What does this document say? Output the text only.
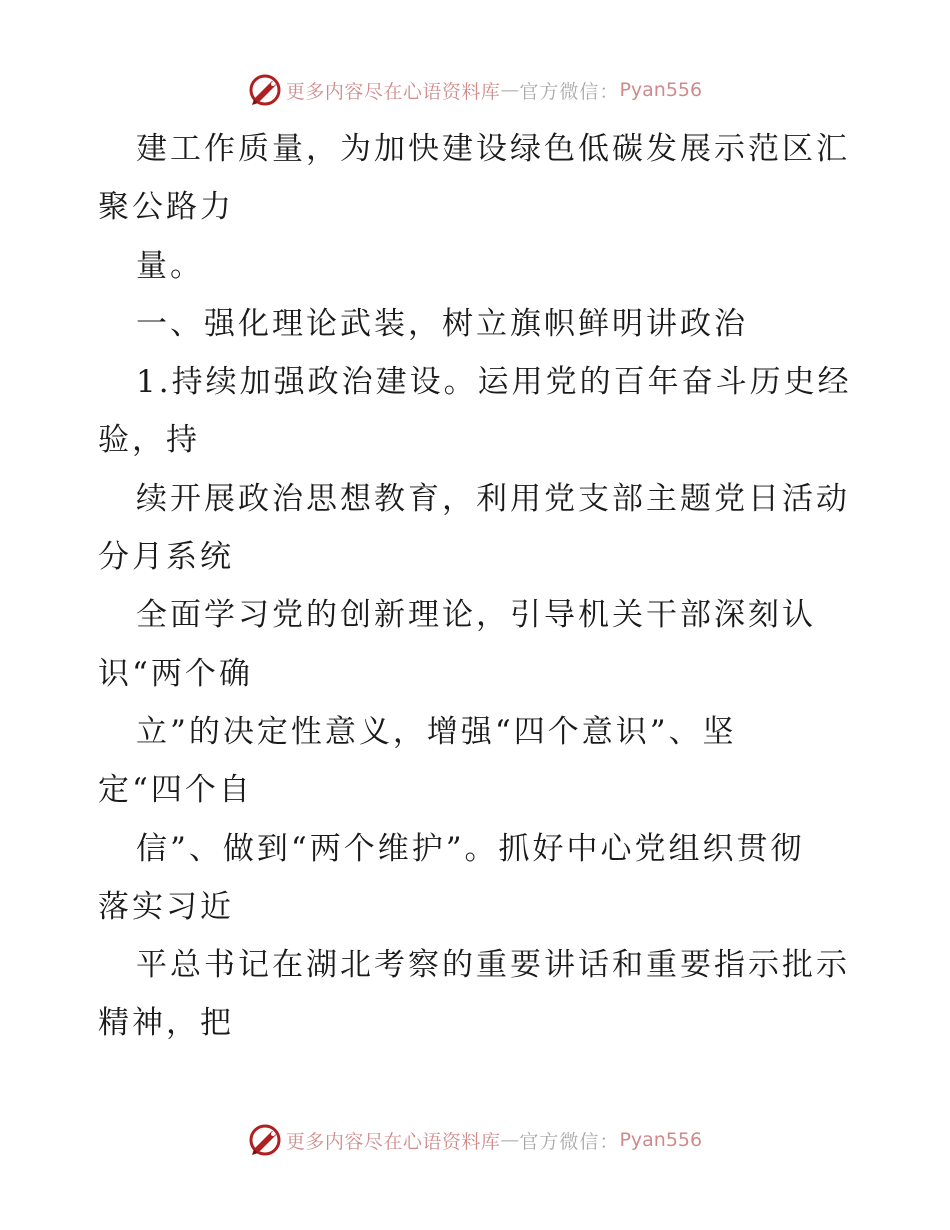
更多内容尽在心语资料库 — 官方微信： Pyan556
建工作质量，为加快建设绿色低碳发展示范区汇
聚公路力
量。
一、强化理论武装，树立旗帜鲜明讲政治
1.持续加强政治建设。运用党的百年奋斗历史经
验，持
续开展政治思想教育，利用党支部主题党日活动
分月系统
全面学习党的创新理论，引导机关干部深刻认
识“两个确
立”的决定性意义，增强“四个意识”、坚
定“四个自
信”、做到“两个维护”。抓好中心党组织贯彻
落实习近
平总书记在湖北考察的重要讲话和重要指示批示
精神，把
更多内容尽在心语资料库 — 官方微信： Pyan556
